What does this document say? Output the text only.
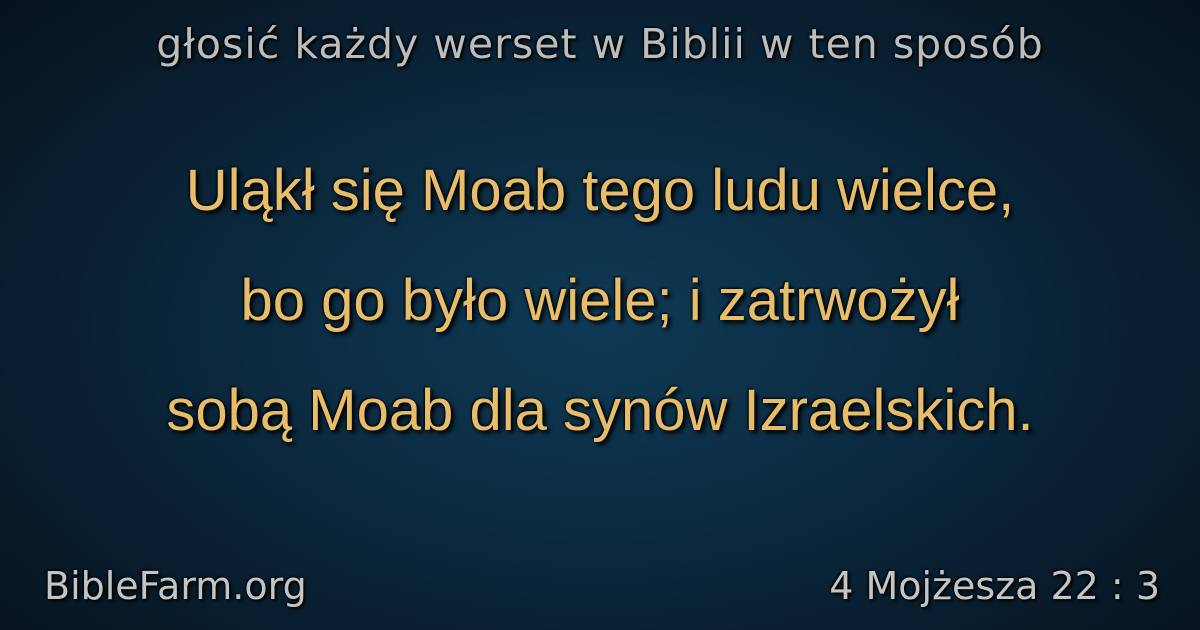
głosić każdy werset w Biblii w ten sposób
Uląkł się Moab tego ludu wielce,
bo go było wiele; i zatrwożył
sobą Moab dla synów Izraelskich.
BibleFarm.org	4 Mojżesza 22 : 3
